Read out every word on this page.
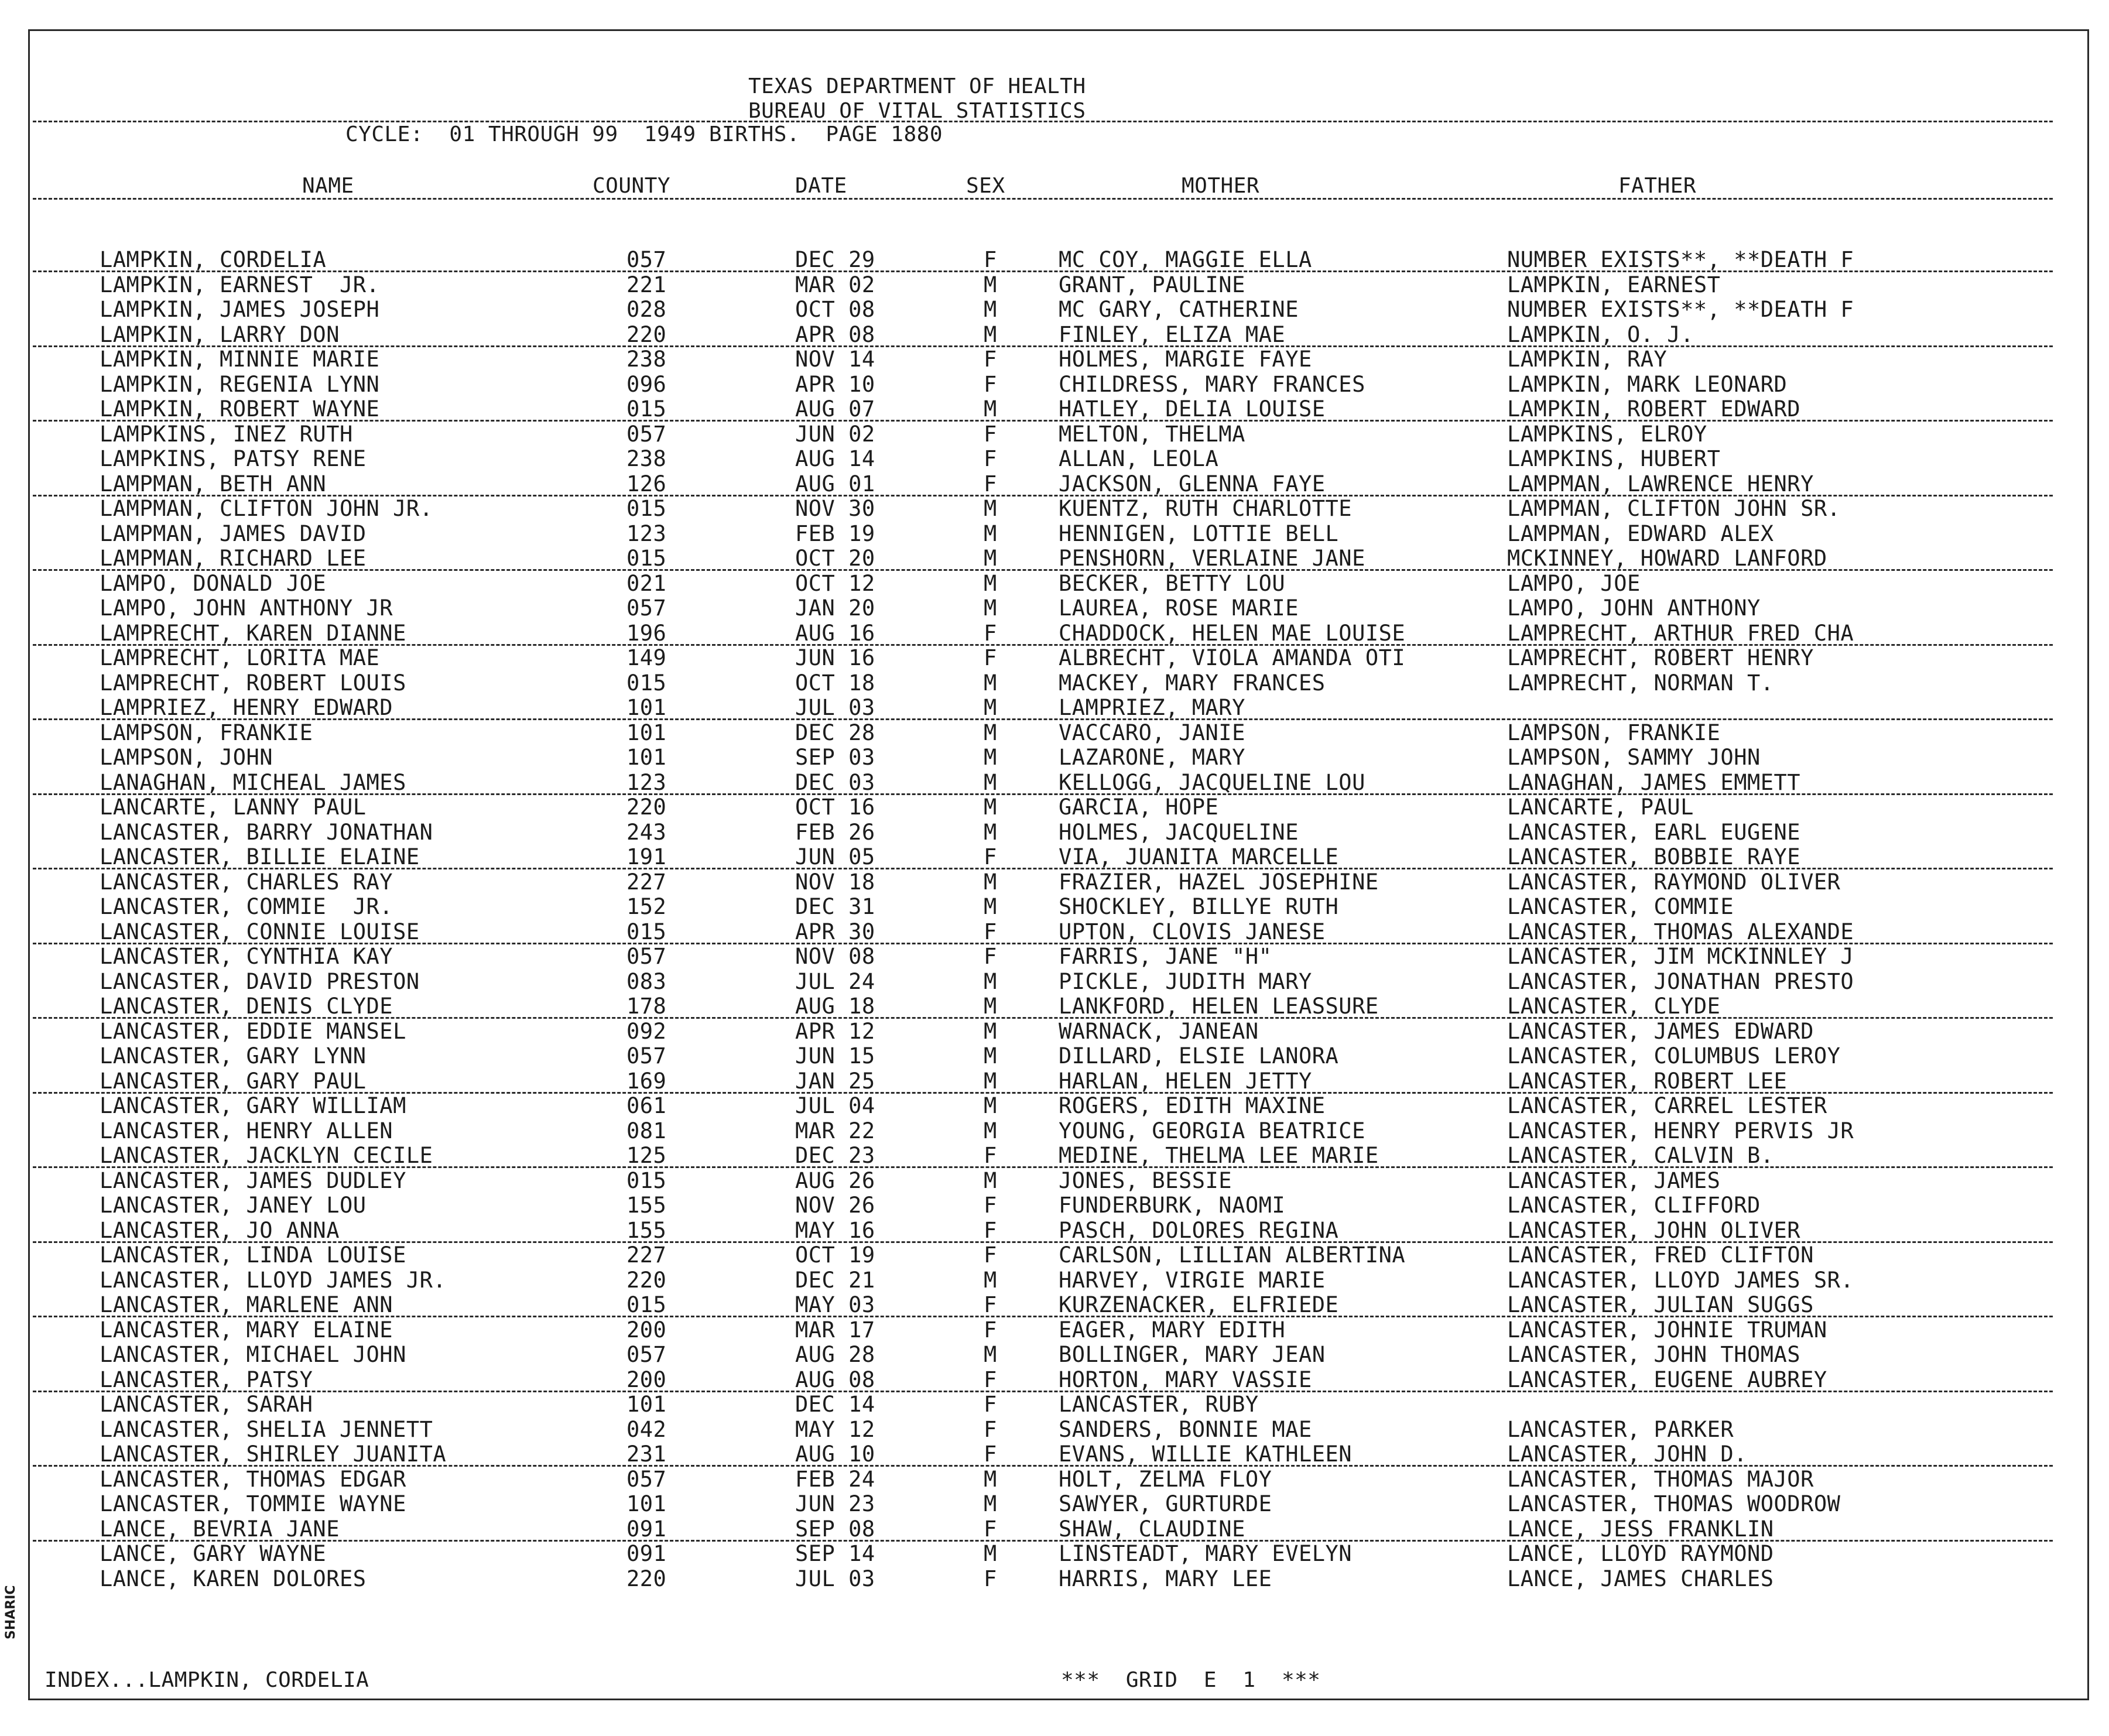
TEXAS DEPARTMENT OF HEALTH
BUREAU OF VITAL STATISTICS
CYCLE:  01 THROUGH 99  1949 BIRTHS.  PAGE 1880
NAME	COUNTY	DATE	SEX	MOTHER	FATHER
LAMPKIN, CORDELIA	057	DEC 29	F	MC COY, MAGGIE ELLA	NUMBER EXISTS**, **DEATH F
LAMPKIN, EARNEST  JR.	221	MAR 02	M	GRANT, PAULINE	LAMPKIN, EARNEST
LAMPKIN, JAMES JOSEPH	028	OCT 08	M	MC GARY, CATHERINE	NUMBER EXISTS**, **DEATH F
LAMPKIN, LARRY DON	220	APR 08	M	FINLEY, ELIZA MAE	LAMPKIN, O. J.
LAMPKIN, MINNIE MARIE	238	NOV 14	F	HOLMES, MARGIE FAYE	LAMPKIN, RAY
LAMPKIN, REGENIA LYNN	096	APR 10	F	CHILDRESS, MARY FRANCES	LAMPKIN, MARK LEONARD
LAMPKIN, ROBERT WAYNE	015	AUG 07	M	HATLEY, DELIA LOUISE	LAMPKIN, ROBERT EDWARD
LAMPKINS, INEZ RUTH	057	JUN 02	F	MELTON, THELMA	LAMPKINS, ELROY
LAMPKINS, PATSY RENE	238	AUG 14	F	ALLAN, LEOLA	LAMPKINS, HUBERT
LAMPMAN, BETH ANN	126	AUG 01	F	JACKSON, GLENNA FAYE	LAMPMAN, LAWRENCE HENRY
LAMPMAN, CLIFTON JOHN JR.	015	NOV 30	M	KUENTZ, RUTH CHARLOTTE	LAMPMAN, CLIFTON JOHN SR.
LAMPMAN, JAMES DAVID	123	FEB 19	M	HENNIGEN, LOTTIE BELL	LAMPMAN, EDWARD ALEX
LAMPMAN, RICHARD LEE	015	OCT 20	M	PENSHORN, VERLAINE JANE	MCKINNEY, HOWARD LANFORD
LAMPO, DONALD JOE	021	OCT 12	M	BECKER, BETTY LOU	LAMPO, JOE
LAMPO, JOHN ANTHONY JR	057	JAN 20	M	LAUREA, ROSE MARIE	LAMPO, JOHN ANTHONY
LAMPRECHT, KAREN DIANNE	196	AUG 16	F	CHADDOCK, HELEN MAE LOUISE	LAMPRECHT, ARTHUR FRED CHA
LAMPRECHT, LORITA MAE	149	JUN 16	F	ALBRECHT, VIOLA AMANDA OTI	LAMPRECHT, ROBERT HENRY
LAMPRECHT, ROBERT LOUIS	015	OCT 18	M	MACKEY, MARY FRANCES	LAMPRECHT, NORMAN T.
LAMPRIEZ, HENRY EDWARD	101	JUL 03	M	LAMPRIEZ, MARY
LAMPSON, FRANKIE	101	DEC 28	M	VACCARO, JANIE	LAMPSON, FRANKIE
LAMPSON, JOHN	101	SEP 03	M	LAZARONE, MARY	LAMPSON, SAMMY JOHN
LANAGHAN, MICHEAL JAMES	123	DEC 03	M	KELLOGG, JACQUELINE LOU	LANAGHAN, JAMES EMMETT
LANCARTE, LANNY PAUL	220	OCT 16	M	GARCIA, HOPE	LANCARTE, PAUL
LANCASTER, BARRY JONATHAN	243	FEB 26	M	HOLMES, JACQUELINE	LANCASTER, EARL EUGENE
LANCASTER, BILLIE ELAINE	191	JUN 05	F	VIA, JUANITA MARCELLE	LANCASTER, BOBBIE RAYE
LANCASTER, CHARLES RAY	227	NOV 18	M	FRAZIER, HAZEL JOSEPHINE	LANCASTER, RAYMOND OLIVER
LANCASTER, COMMIE  JR.	152	DEC 31	M	SHOCKLEY, BILLYE RUTH	LANCASTER, COMMIE
LANCASTER, CONNIE LOUISE	015	APR 30	F	UPTON, CLOVIS JANESE	LANCASTER, THOMAS ALEXANDE
LANCASTER, CYNTHIA KAY	057	NOV 08	F	FARRIS, JANE "H"	LANCASTER, JIM MCKINNLEY J
LANCASTER, DAVID PRESTON	083	JUL 24	M	PICKLE, JUDITH MARY	LANCASTER, JONATHAN PRESTO
LANCASTER, DENIS CLYDE	178	AUG 18	M	LANKFORD, HELEN LEASSURE	LANCASTER, CLYDE
LANCASTER, EDDIE MANSEL	092	APR 12	M	WARNACK, JANEAN	LANCASTER, JAMES EDWARD
LANCASTER, GARY LYNN	057	JUN 15	M	DILLARD, ELSIE LANORA	LANCASTER, COLUMBUS LEROY
LANCASTER, GARY PAUL	169	JAN 25	M	HARLAN, HELEN JETTY	LANCASTER, ROBERT LEE
LANCASTER, GARY WILLIAM	061	JUL 04	M	ROGERS, EDITH MAXINE	LANCASTER, CARREL LESTER
LANCASTER, HENRY ALLEN	081	MAR 22	M	YOUNG, GEORGIA BEATRICE	LANCASTER, HENRY PERVIS JR
LANCASTER, JACKLYN CECILE	125	DEC 23	F	MEDINE, THELMA LEE MARIE	LANCASTER, CALVIN B.
LANCASTER, JAMES DUDLEY	015	AUG 26	M	JONES, BESSIE	LANCASTER, JAMES
LANCASTER, JANEY LOU	155	NOV 26	F	FUNDERBURK, NAOMI	LANCASTER, CLIFFORD
LANCASTER, JO ANNA	155	MAY 16	F	PASCH, DOLORES REGINA	LANCASTER, JOHN OLIVER
LANCASTER, LINDA LOUISE	227	OCT 19	F	CARLSON, LILLIAN ALBERTINA	LANCASTER, FRED CLIFTON
LANCASTER, LLOYD JAMES JR.	220	DEC 21	M	HARVEY, VIRGIE MARIE	LANCASTER, LLOYD JAMES SR.
LANCASTER, MARLENE ANN	015	MAY 03	F	KURZENACKER, ELFRIEDE	LANCASTER, JULIAN SUGGS
LANCASTER, MARY ELAINE	200	MAR 17	F	EAGER, MARY EDITH	LANCASTER, JOHNIE TRUMAN
LANCASTER, MICHAEL JOHN	057	AUG 28	M	BOLLINGER, MARY JEAN	LANCASTER, JOHN THOMAS
LANCASTER, PATSY	200	AUG 08	F	HORTON, MARY VASSIE	LANCASTER, EUGENE AUBREY
LANCASTER, SARAH	101	DEC 14	F	LANCASTER, RUBY
LANCASTER, SHELIA JENNETT	042	MAY 12	F	SANDERS, BONNIE MAE	LANCASTER, PARKER
LANCASTER, SHIRLEY JUANITA	231	AUG 10	F	EVANS, WILLIE KATHLEEN	LANCASTER, JOHN D.
LANCASTER, THOMAS EDGAR	057	FEB 24	M	HOLT, ZELMA FLOY	LANCASTER, THOMAS MAJOR
LANCASTER, TOMMIE WAYNE	101	JUN 23	M	SAWYER, GURTURDE	LANCASTER, THOMAS WOODROW
LANCE, BEVRIA JANE	091	SEP 08	F	SHAW, CLAUDINE	LANCE, JESS FRANKLIN
LANCE, GARY WAYNE	091	SEP 14	M	LINSTEADT, MARY EVELYN	LANCE, LLOYD RAYMOND
LANCE, KAREN DOLORES	220	JUL 03	F	HARRIS, MARY LEE	LANCE, JAMES CHARLES
INDEX...LAMPKIN, CORDELIA	***  GRID  E  1  ***
SHARIC
